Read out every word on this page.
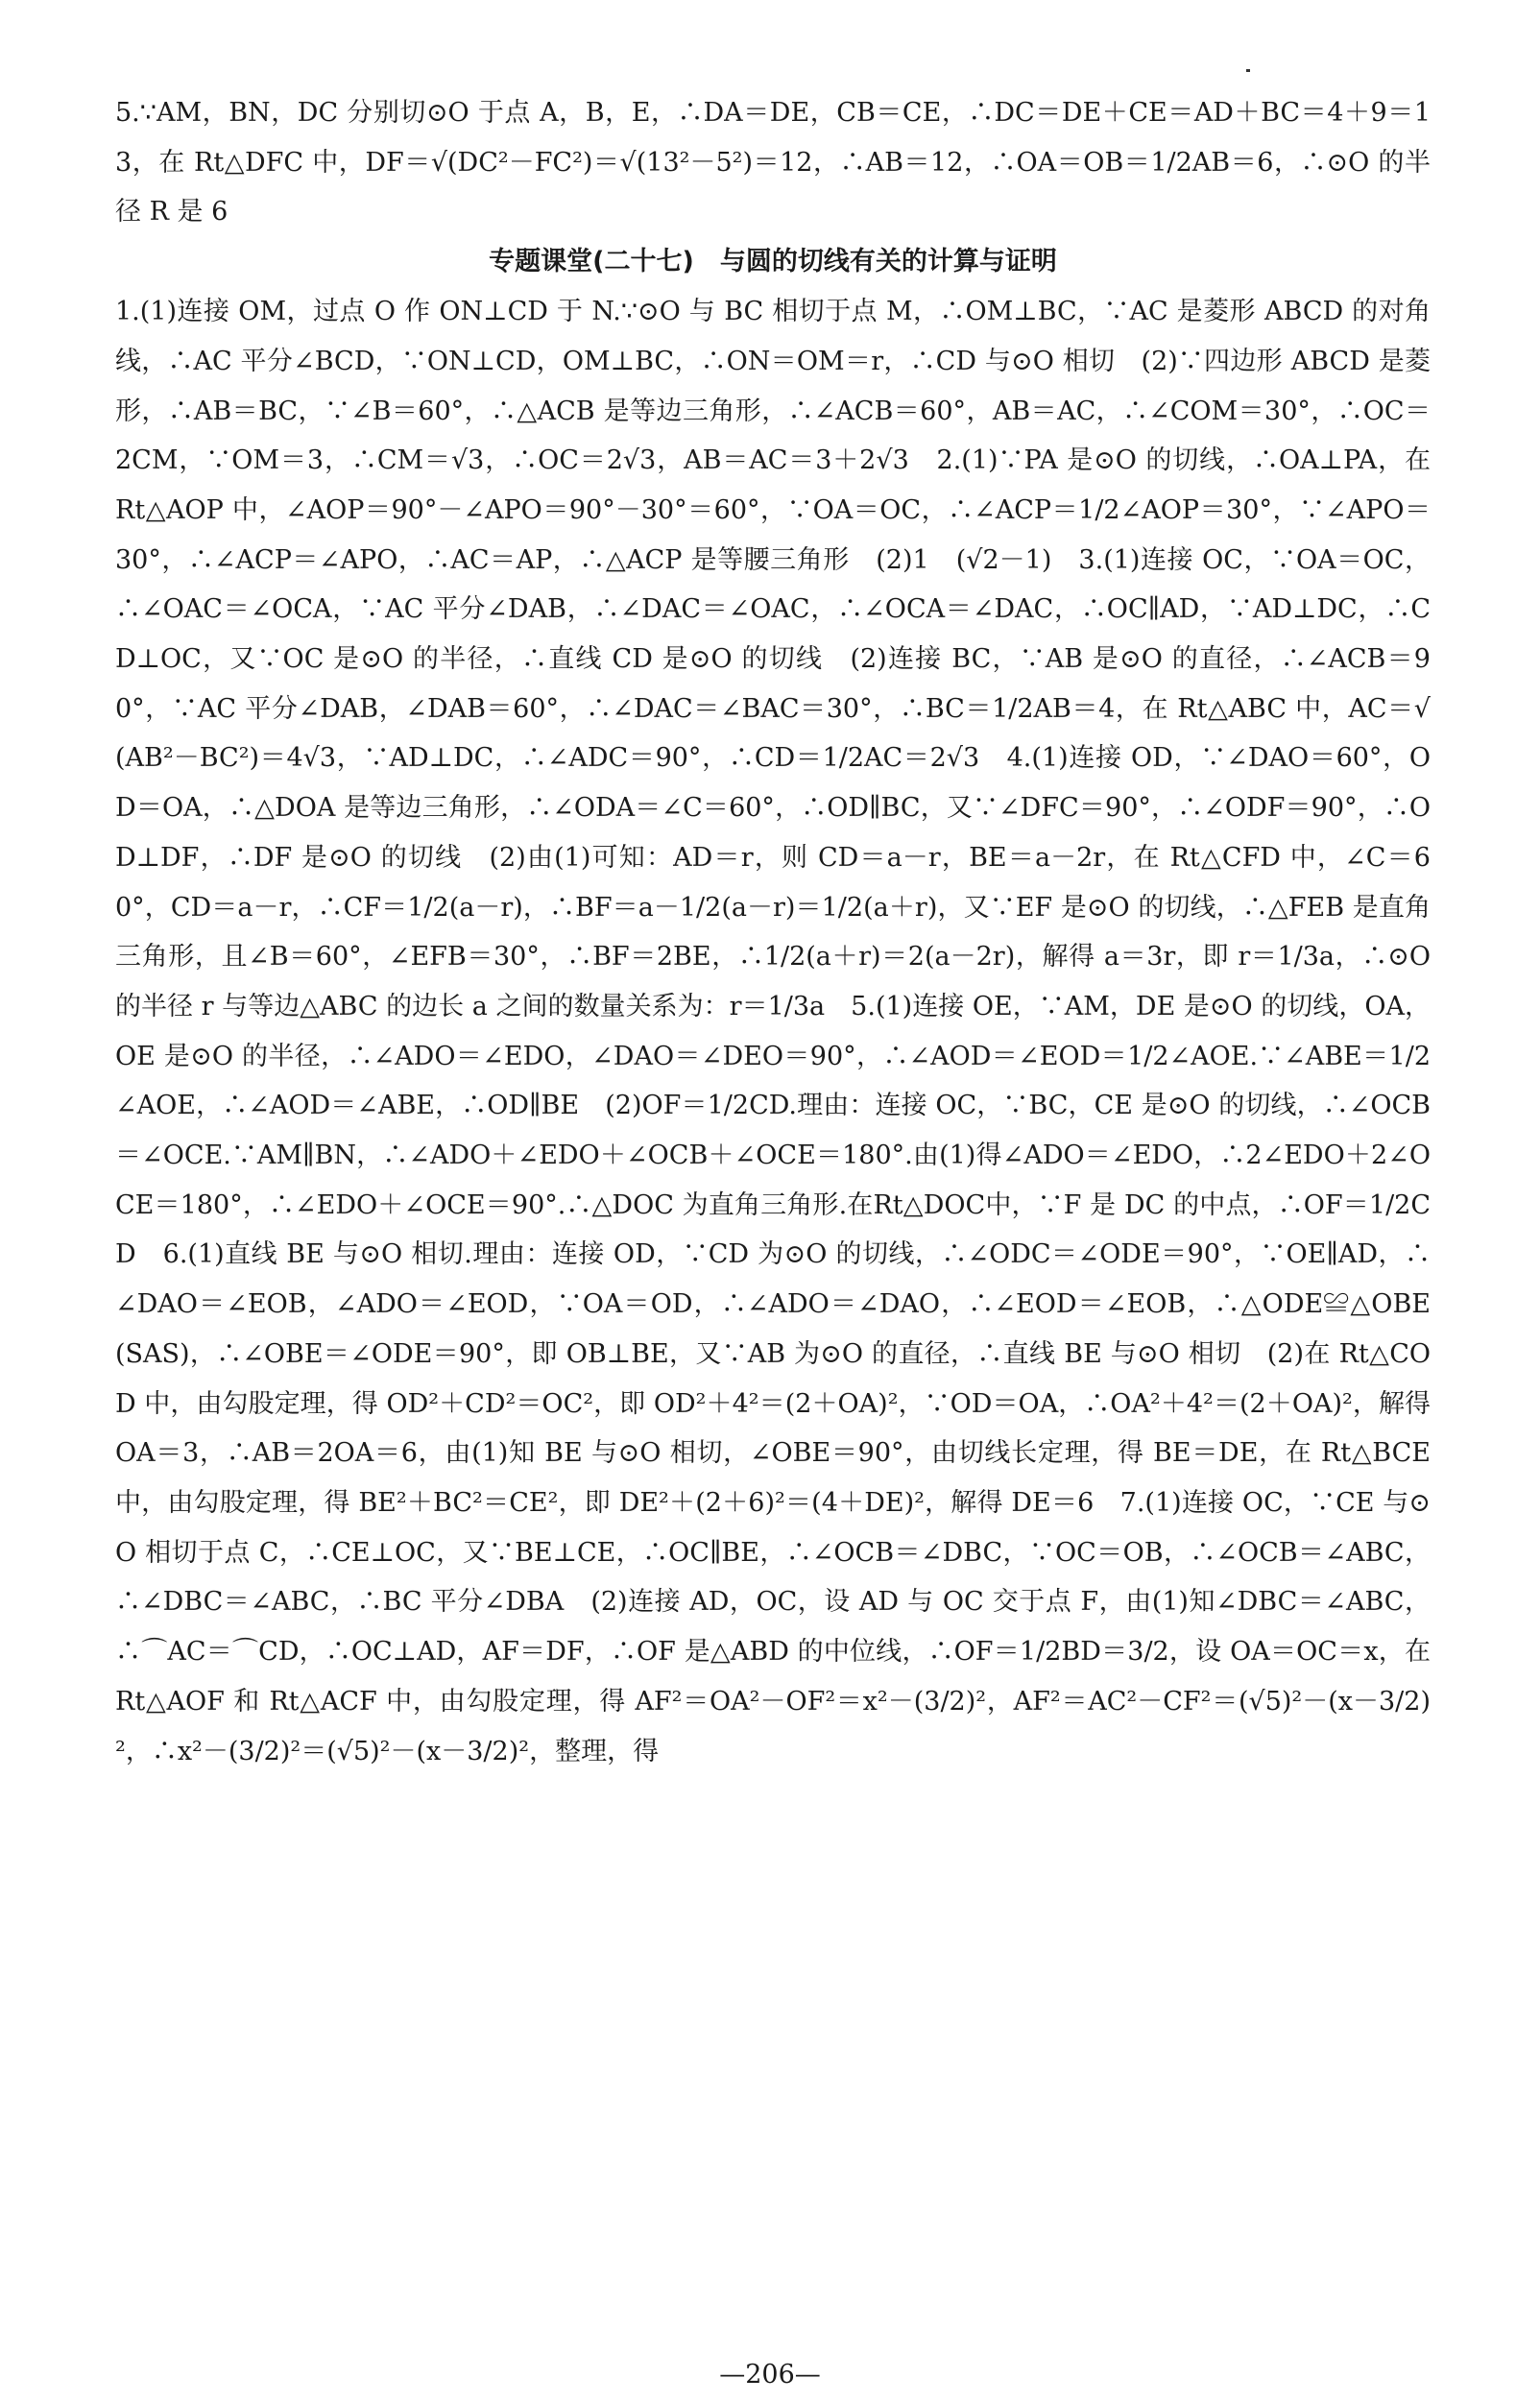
5.∵AM，BN，DC 分别切⊙O 于点 A，B，E，∴DA＝DE，CB＝CE，∴DC＝DE＋CE＝AD＋BC＝4＋9＝13，在 Rt△DFC 中，DF＝√(DC²－FC²)＝√(13²－5²)＝12，∴AB＝12，∴OA＝OB＝1/2AB＝6，∴⊙O 的半径 R 是 6

专题课堂(二十七)　与圆的切线有关的计算与证明

1.(1)连接 OM，过点 O 作 ON⊥CD 于 N.∵⊙O 与 BC 相切于点 M，∴OM⊥BC，∵AC 是菱形 ABCD 的对角线，∴AC 平分∠BCD，∵ON⊥CD，OM⊥BC，∴ON＝OM＝r，∴CD 与⊙O 相切　(2)∵四边形 ABCD 是菱形，∴AB＝BC，∵∠B＝60°，∴△ACB 是等边三角形，∴∠ACB＝60°，AB＝AC，∴∠COM＝30°，∴OC＝2CM，∵OM＝3，∴CM＝√3，∴OC＝2√3，AB＝AC＝3＋2√3　2.(1)∵PA 是⊙O 的切线，∴OA⊥PA，在 Rt△AOP 中，∠AOP＝90°－∠APO＝90°－30°＝60°，∵OA＝OC，∴∠ACP＝1/2∠AOP＝30°，∵∠APO＝30°，∴∠ACP＝∠APO，∴AC＝AP，∴△ACP 是等腰三角形　(2)1　(√2－1)　3.(1)连接 OC，∵OA＝OC，∴∠OAC＝∠OCA，∵AC 平分∠DAB，∴∠DAC＝∠OAC，∴∠OCA＝∠DAC，∴OC∥AD，∵AD⊥DC，∴CD⊥OC，又∵OC 是⊙O 的半径，∴直线 CD 是⊙O 的切线　(2)连接 BC，∵AB 是⊙O 的直径，∴∠ACB＝90°，∵AC 平分∠DAB，∠DAB＝60°，∴∠DAC＝∠BAC＝30°，∴BC＝1/2AB＝4，在 Rt△ABC 中，AC＝√(AB²－BC²)＝4√3，∵AD⊥DC，∴∠ADC＝90°，∴CD＝1/2AC＝2√3　4.(1)连接 OD，∵∠DAO＝60°，OD＝OA，∴△DOA 是等边三角形，∴∠ODA＝∠C＝60°，∴OD∥BC，又∵∠DFC＝90°，∴∠ODF＝90°，∴OD⊥DF，∴DF 是⊙O 的切线　(2)由(1)可知：AD＝r，则 CD＝a－r，BE＝a－2r，在 Rt△CFD 中，∠C＝60°，CD＝a－r，∴CF＝1/2(a－r)，∴BF＝a－1/2(a－r)＝1/2(a＋r)，又∵EF 是⊙O 的切线，∴△FEB 是直角三角形，且∠B＝60°，∠EFB＝30°，∴BF＝2BE，∴1/2(a＋r)＝2(a－2r)，解得 a＝3r，即 r＝1/3a，∴⊙O 的半径 r 与等边△ABC 的边长 a 之间的数量关系为：r＝1/3a　5.(1)连接 OE，∵AM，DE 是⊙O 的切线，OA，OE 是⊙O 的半径，∴∠ADO＝∠EDO，∠DAO＝∠DEO＝90°，∴∠AOD＝∠EOD＝1/2∠AOE.∵∠ABE＝1/2∠AOE，∴∠AOD＝∠ABE，∴OD∥BE　(2)OF＝1/2CD.理由：连接 OC，∵BC，CE 是⊙O 的切线，∴∠OCB＝∠OCE.∵AM∥BN，∴∠ADO＋∠EDO＋∠OCB＋∠OCE＝180°.由(1)得∠ADO＝∠EDO，∴2∠EDO＋2∠OCE＝180°，∴∠EDO＋∠OCE＝90°.∴△DOC 为直角三角形.在Rt△DOC中，∵F 是 DC 的中点，∴OF＝1/2CD　6.(1)直线 BE 与⊙O 相切.理由：连接 OD，∵CD 为⊙O 的切线，∴∠ODC＝∠ODE＝90°，∵OE∥AD，∴∠DAO＝∠EOB，∠ADO＝∠EOD，∵OA＝OD，∴∠ADO＝∠DAO，∴∠EOD＝∠EOB，∴△ODE≌△OBE(SAS)，∴∠OBE＝∠ODE＝90°，即 OB⊥BE，又∵AB 为⊙O 的直径，∴直线 BE 与⊙O 相切　(2)在 Rt△COD 中，由勾股定理，得 OD²＋CD²＝OC²，即 OD²＋4²＝(2＋OA)²，∵OD＝OA，∴OA²＋4²＝(2＋OA)²，解得 OA＝3，∴AB＝2OA＝6，由(1)知 BE 与⊙O 相切，∠OBE＝90°，由切线长定理，得 BE＝DE，在 Rt△BCE中，由勾股定理，得 BE²＋BC²＝CE²，即 DE²＋(2＋6)²＝(4＋DE)²，解得 DE＝6　7.(1)连接 OC，∵CE 与⊙O 相切于点 C，∴CE⊥OC，又∵BE⊥CE，∴OC∥BE，∴∠OCB＝∠DBC，∵OC＝OB，∴∠OCB＝∠ABC，∴∠DBC＝∠ABC，∴BC 平分∠DBA　(2)连接 AD，OC，设 AD 与 OC 交于点 F，由(1)知∠DBC＝∠ABC，∴⌒AC＝⌒CD，∴OC⊥AD，AF＝DF，∴OF 是△ABD 的中位线，∴OF＝1/2BD＝3/2，设 OA＝OC＝x，在 Rt△AOF 和 Rt△ACF 中，由勾股定理，得 AF²＝OA²－OF²＝x²－(3/2)²，AF²＝AC²－CF²＝(√5)²－(x－3/2)²，∴x²－(3/2)²＝(√5)²－(x－3/2)²，整理，得

—206—
